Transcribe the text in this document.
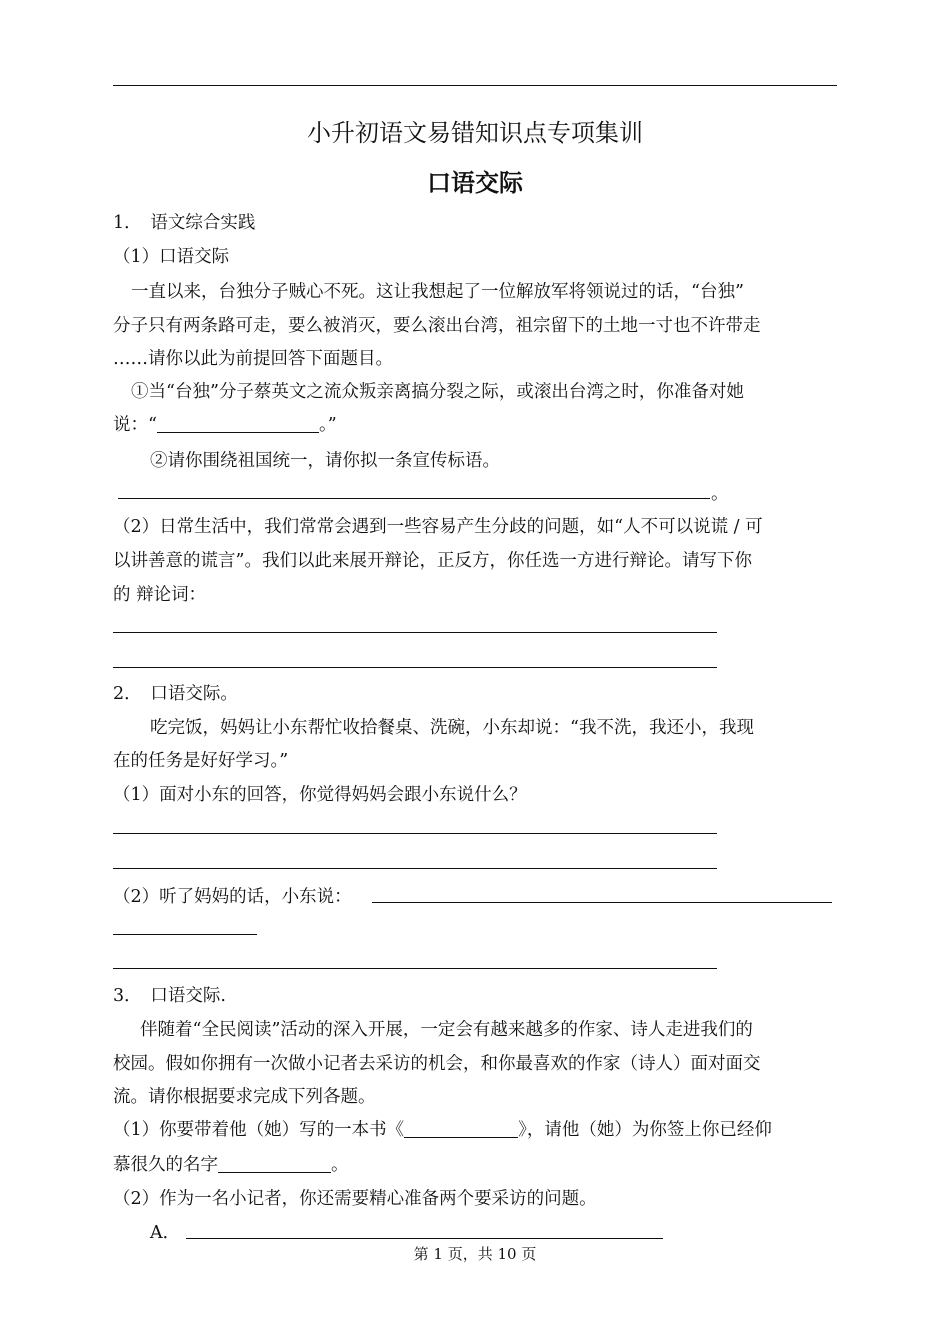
小升初语文易错知识点专项集训
口语交际
1．　语文综合实践
（1）口语交际
一直以来，台独分子贼心不死。这让我想起了一位解放军将领说过的话，“台独”
分子只有两条路可走，要么被消灭，要么滚出台湾，祖宗留下的土地一寸也不许带走
……请你以此为前提回答下面题目。
①当“台独”分子蔡英文之流众叛亲离搞分裂之际，或滚出台湾之时，你准备对她
说：“	。”
②请你围绕祖国统一，请你拟一条宣传标语。
。
（2）日常生活中，我们常常会遇到一些容易产生分歧的问题，如“人不可以说谎 / 可
以讲善意的谎言”。我们以此来展开辩论，正反方，你任选一方进行辩论。请写下你
的 辩论词：
2．　口语交际。
吃完饭，妈妈让小东帮忙收拾餐桌、洗碗，小东却说：“我不洗，我还小，我现
在的任务是好好学习。”
（1）面对小东的回答，你觉得妈妈会跟小东说什么？
（2）听了妈妈的话，小东说：
3．　口语交际.
伴随着“全民阅读”活动的深入开展，一定会有越来越多的作家、诗人走进我们的
校园。假如你拥有一次做小记者去采访的机会，和你最喜欢的作家（诗人）面对面交
流。请你根据要求完成下列各题。
（1）你要带着他（她）写的一本书《	》，请他（她）为你签上你已经仰
慕很久的名字	。
（2）作为一名小记者，你还需要精心准备两个要采访的问题。
A．
第 1 页，共 10 页
